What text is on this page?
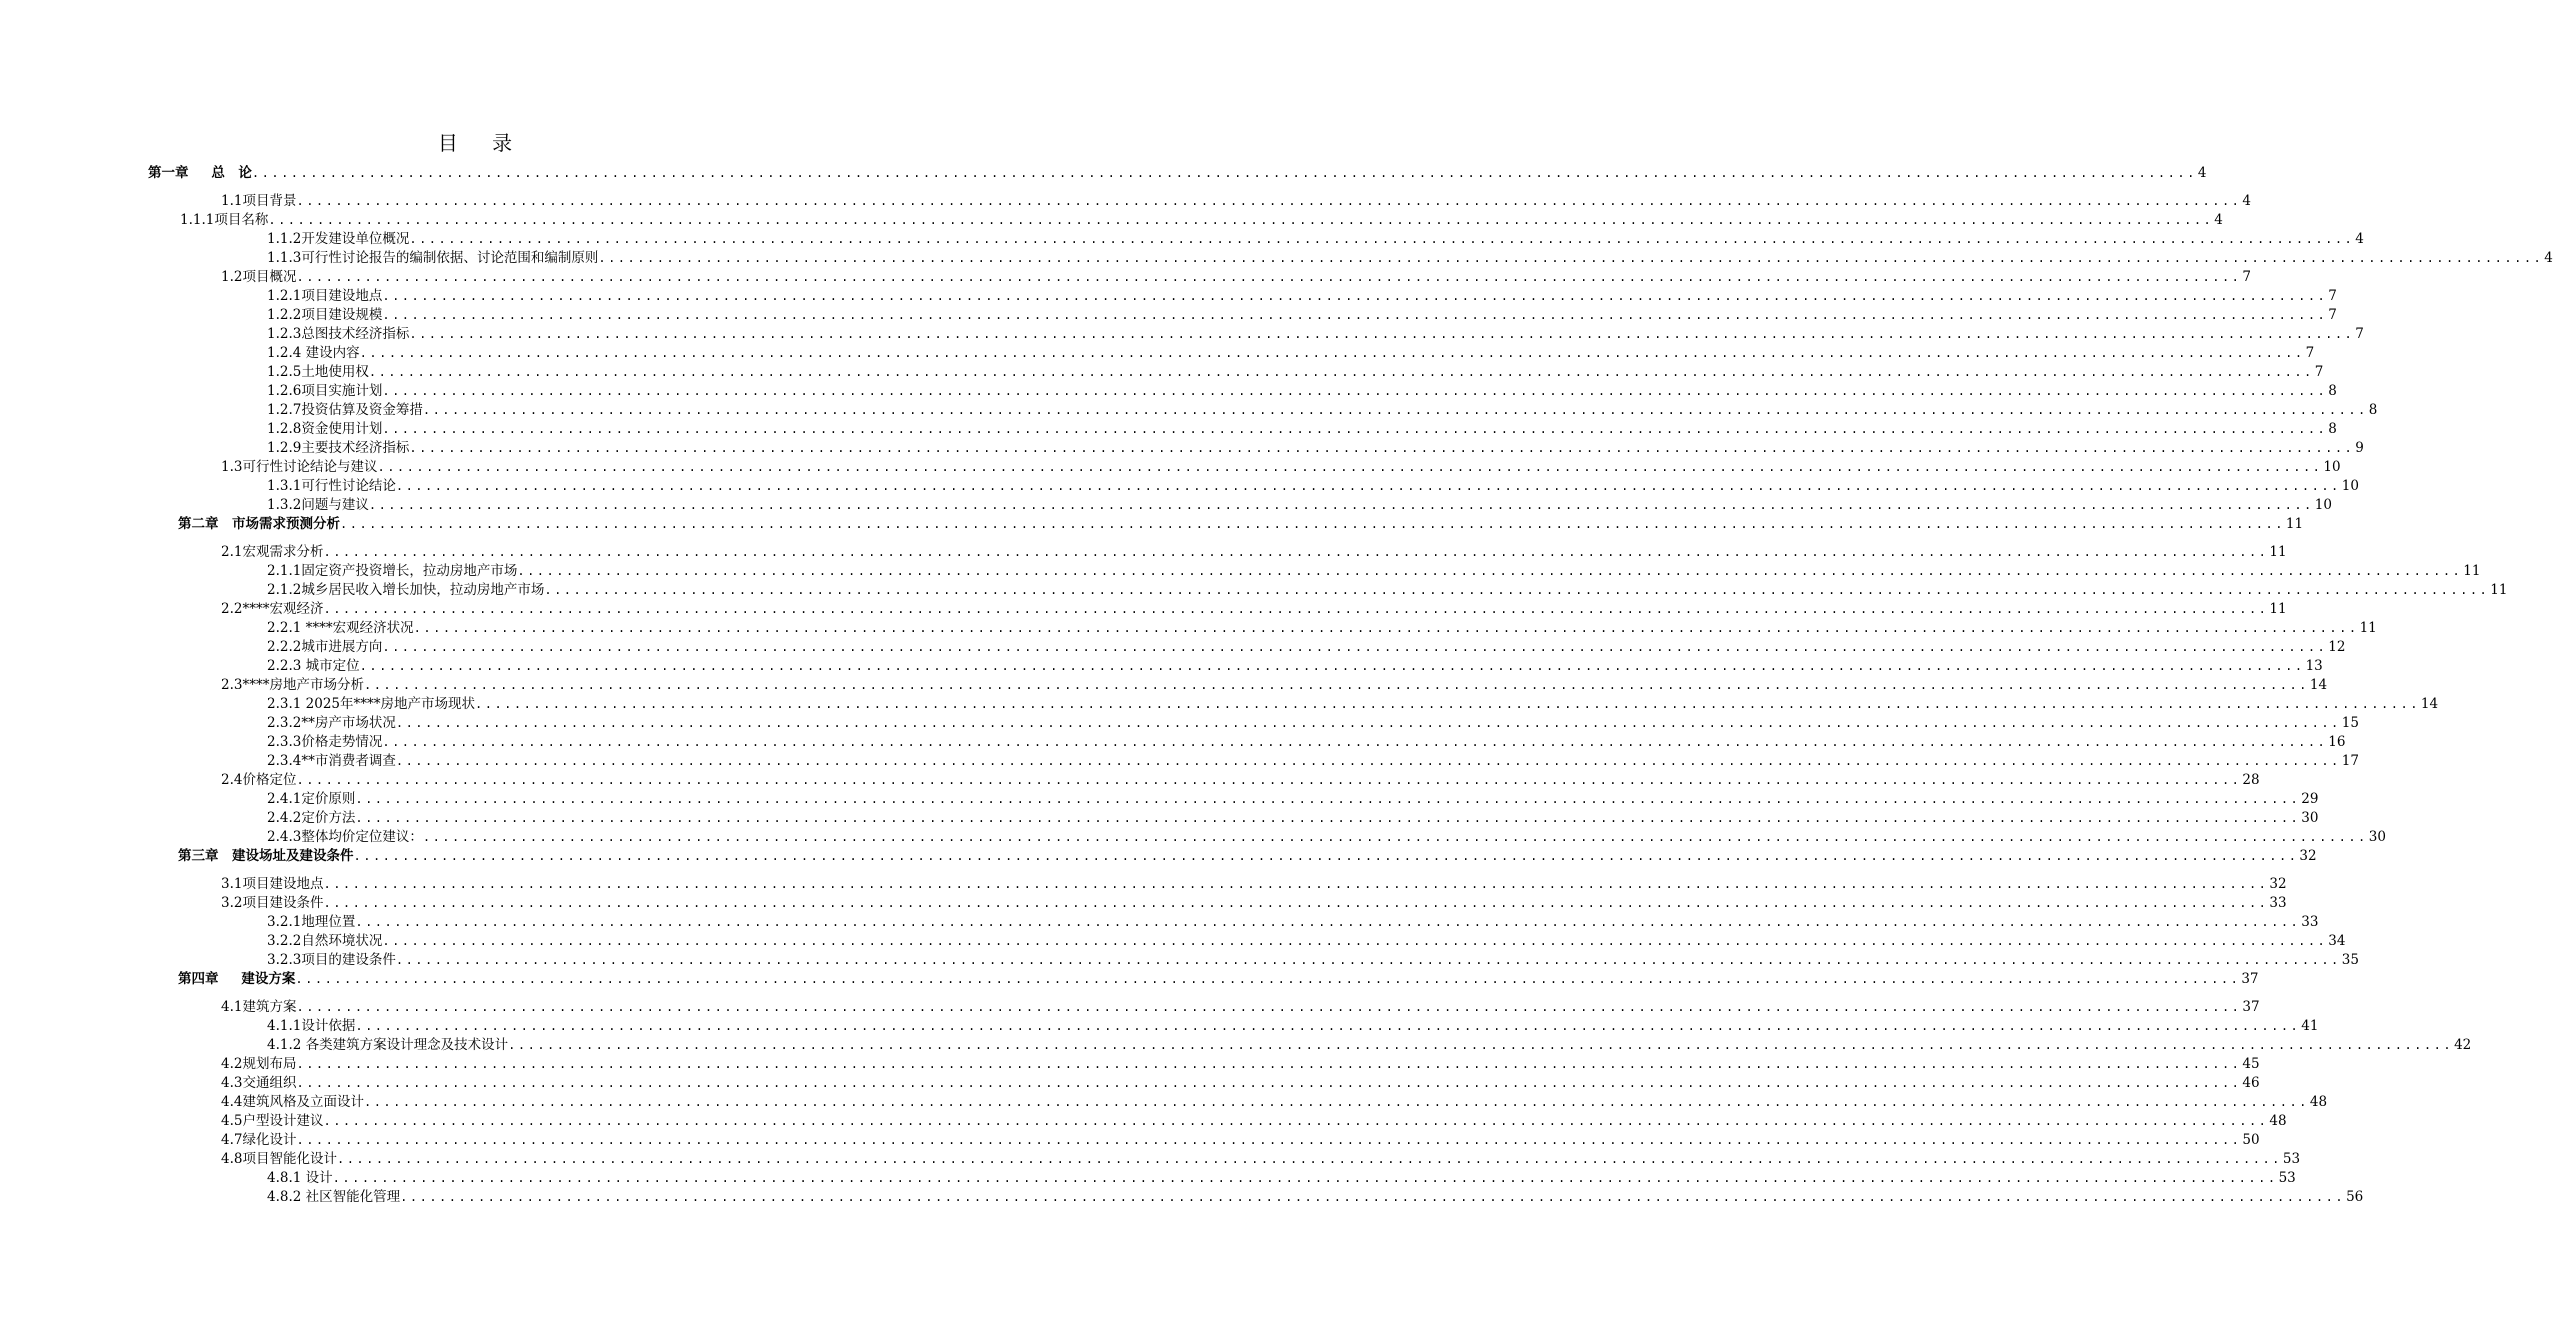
目 录
第一章　  总　论 ........................................................................................................................................................................................................ 4
1.1项目背景 ........................................................................................................................................................................................................ 4
1.1.1项目名称 ........................................................................................................................................................................................................ 4
1.1.2开发建设单位概况 ........................................................................................................................................................................................................ 4
1.1.3可行性讨论报告的编制依据、讨论范围和编制原则 ........................................................................................................................................................................................................ 4
1.2项目概况 ........................................................................................................................................................................................................ 7
1.2.1项目建设地点 ........................................................................................................................................................................................................ 7
1.2.2项目建设规模 ........................................................................................................................................................................................................ 7
1.2.3总图技术经济指标 ........................................................................................................................................................................................................ 7
1.2.4 建设内容 ........................................................................................................................................................................................................ 7
1.2.5土地使用权 ........................................................................................................................................................................................................ 7
1.2.6项目实施计划 ........................................................................................................................................................................................................ 8
1.2.7投资估算及资金筹措 ........................................................................................................................................................................................................ 8
1.2.8资金使用计划 ........................................................................................................................................................................................................ 8
1.2.9主要技术经济指标 ........................................................................................................................................................................................................ 9
1.3可行性讨论结论与建议 ........................................................................................................................................................................................................ 10
1.3.1可行性讨论结论 ........................................................................................................................................................................................................ 10
1.3.2问题与建议 ........................................................................................................................................................................................................ 10
第二章　市场需求预测分析 ........................................................................................................................................................................................................ 11
2.1宏观需求分析 ........................................................................................................................................................................................................ 11
2.1.1固定资产投资增长，拉动房地产市场 ........................................................................................................................................................................................................ 11
2.1.2城乡居民收入增长加快，拉动房地产市场 ........................................................................................................................................................................................................ 11
2.2****宏观经济 ........................................................................................................................................................................................................ 11
2.2.1 ****宏观经济状况 ........................................................................................................................................................................................................ 11
2.2.2城市进展方向 ........................................................................................................................................................................................................ 12
2.2.3 城市定位 ........................................................................................................................................................................................................ 13
2.3****房地产市场分析 ........................................................................................................................................................................................................ 14
2.3.1 2025年****房地产市场现状 ........................................................................................................................................................................................................ 14
2.3.2**房产市场状况 ........................................................................................................................................................................................................ 15
2.3.3价格走势情况 ........................................................................................................................................................................................................ 16
2.3.4**市消费者调查 ........................................................................................................................................................................................................ 17
2.4价格定位 ........................................................................................................................................................................................................ 28
2.4.1定价原则 ........................................................................................................................................................................................................ 29
2.4.2定价方法 ........................................................................................................................................................................................................ 30
2.4.3整体均价定位建议： ........................................................................................................................................................................................................ 30
第三章　建设场址及建设条件 ........................................................................................................................................................................................................ 32
3.1项目建设地点 ........................................................................................................................................................................................................ 32
3.2项目建设条件 ........................................................................................................................................................................................................ 33
3.2.1地理位置 ........................................................................................................................................................................................................ 33
3.2.2自然环境状况 ........................................................................................................................................................................................................ 34
3.2.3项目的建设条件 ........................................................................................................................................................................................................ 35
第四章　  建设方案 ........................................................................................................................................................................................................ 37
4.1建筑方案 ........................................................................................................................................................................................................ 37
4.1.1设计依据 ........................................................................................................................................................................................................ 41
4.1.2 各类建筑方案设计理念及技术设计 ........................................................................................................................................................................................................ 42
4.2规划布局 ........................................................................................................................................................................................................ 45
4.3交通组织 ........................................................................................................................................................................................................ 46
4.4建筑风格及立面设计 ........................................................................................................................................................................................................ 48
4.5户型设计建议 ........................................................................................................................................................................................................ 48
4.7绿化设计 ........................................................................................................................................................................................................ 50
4.8项目智能化设计 ........................................................................................................................................................................................................ 53
4.8.1 设计 ........................................................................................................................................................................................................ 53
4.8.2 社区智能化管理 ........................................................................................................................................................................................................ 56
